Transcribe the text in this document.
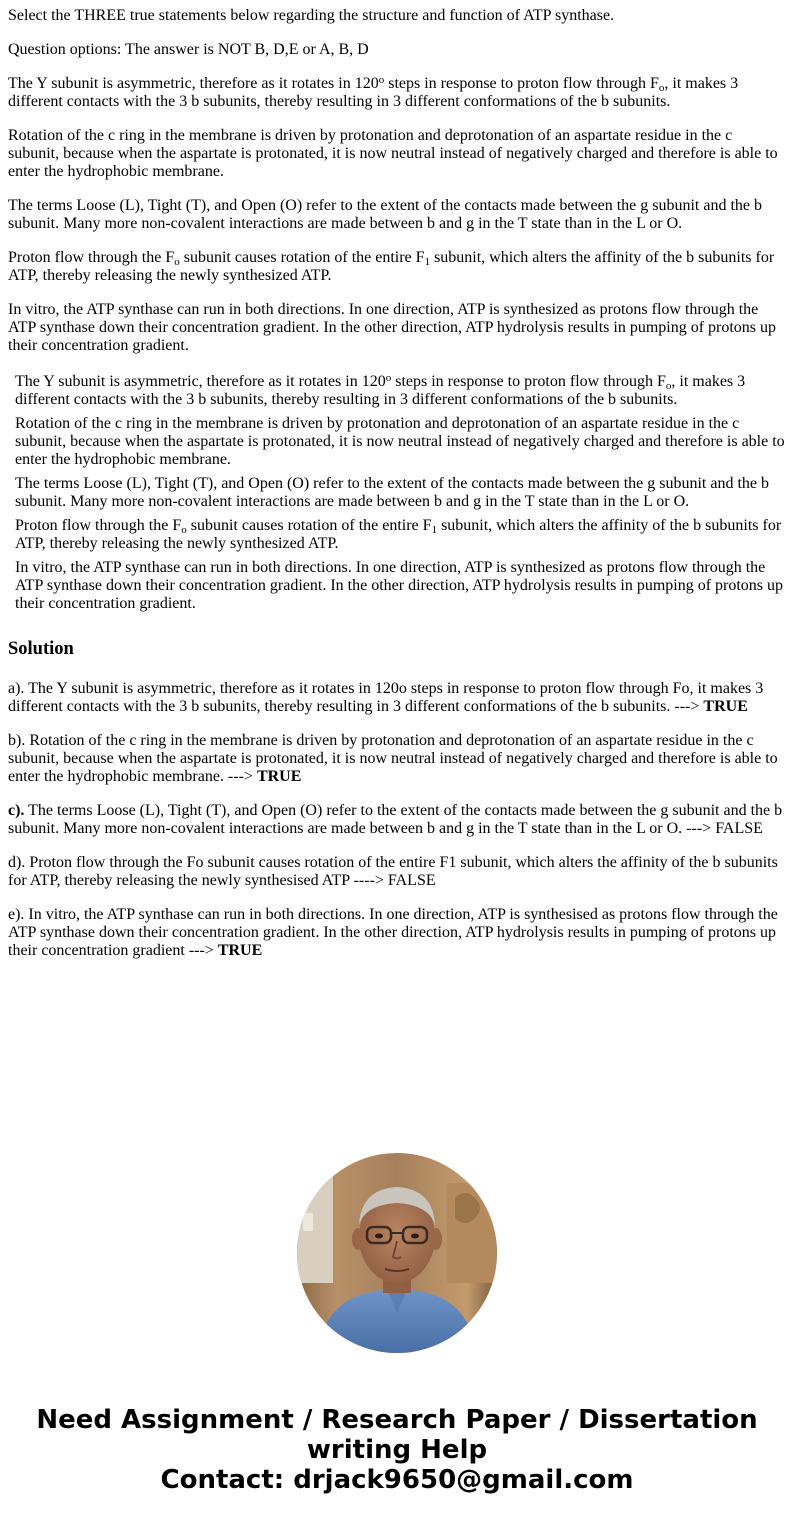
Select the THREE true statements below regarding the structure and function of ATP synthase.

Question options: The answer is NOT B, D,E or A, B, D

The Y subunit is asymmetric, therefore as it rotates in 120$^o$ steps in response to proton flow through $F_o$, it makes 3 different contacts with the 3 b subunits, thereby resulting in 3 different conformations of the b subunits.

Rotation of the c ring in the membrane is driven by protonation and deprotonation of an aspartate residue in the c subunit, because when the aspartate is protonated, it is now neutral instead of negatively charged and therefore is able to enter the hydrophobic membrane.

The terms Loose (L), Tight (T), and Open (O) refer to the extent of the contacts made between the g subunit and the b subunit. Many more non-covalent interactions are made between b and g in the T state than in the L or O.

Proton flow through the $F_o$ subunit causes rotation of the entire $F_1$ subunit, which alters the affinity of the b subunits for ATP, thereby releasing the newly synthesized ATP.

In vitro, the ATP synthase can run in both directions. In one direction, ATP is synthesized as protons flow through the ATP synthase down their concentration gradient. In the other direction, ATP hydrolysis results in pumping of protons up their concentration gradient.

The Y subunit is asymmetric, therefore as it rotates in 120$^o$ steps in response to proton flow through $F_o$, it makes 3 different contacts with the 3 b subunits, thereby resulting in 3 different conformations of the b subunits.
Rotation of the c ring in the membrane is driven by protonation and deprotonation of an aspartate residue in the c subunit, because when the aspartate is protonated, it is now neutral instead of negatively charged and therefore is able to enter the hydrophobic membrane.
The terms Loose (L), Tight (T), and Open (O) refer to the extent of the contacts made between the g subunit and the b subunit. Many more non-covalent interactions are made between b and g in the T state than in the L or O.
Proton flow through the $F_o$ subunit causes rotation of the entire $F_1$ subunit, which alters the affinity of the b subunits for ATP, thereby releasing the newly synthesized ATP.
In vitro, the ATP synthase can run in both directions. In one direction, ATP is synthesized as protons flow through the ATP synthase down their concentration gradient. In the other direction, ATP hydrolysis results in pumping of protons up their concentration gradient.
Solution

a). The Y subunit is asymmetric, therefore as it rotates in 120o steps in response to proton flow through Fo, it makes 3 different contacts with the 3 b subunits, thereby resulting in 3 different conformations of the b subunits. ---> TRUE

b). Rotation of the c ring in the membrane is driven by protonation and deprotonation of an aspartate residue in the c subunit, because when the aspartate is protonated, it is now neutral instead of negatively charged and therefore is able to enter the hydrophobic membrane. ---> TRUE

c). The terms Loose (L), Tight (T), and Open (O) refer to the extent of the contacts made between the g subunit and the b subunit. Many more non-covalent interactions are made between b and g in the T state than in the L or O. ---> FALSE

d). Proton flow through the Fo subunit causes rotation of the entire F1 subunit, which alters the affinity of the b subunits for ATP, thereby releasing the newly synthesised ATP ----> FALSE

e). In vitro, the ATP synthase can run in both directions. In one direction, ATP is synthesised as protons flow through the ATP synthase down their concentration gradient. In the other direction, ATP hydrolysis results in pumping of protons up their concentration gradient ---> TRUE

Need Assignment / Research Paper / Dissertation
writing Help
Contact: drjack9650@gmail.com
